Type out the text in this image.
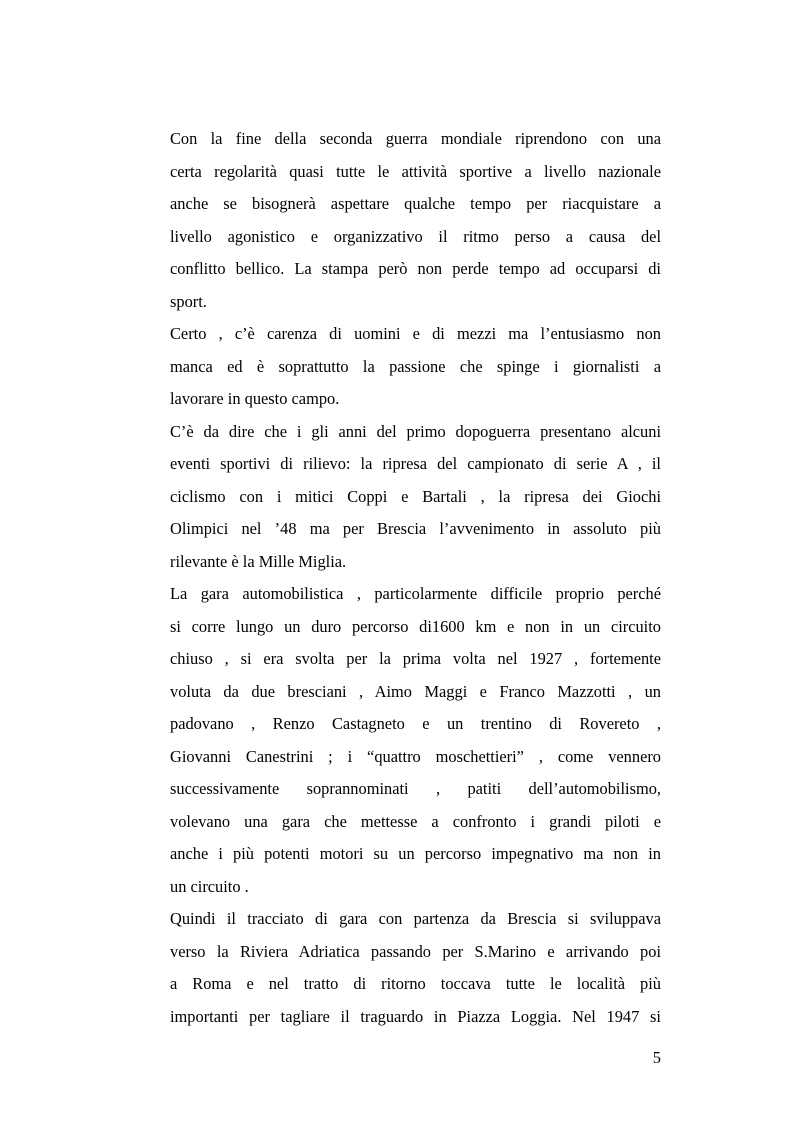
Con la fine della seconda guerra mondiale riprendono con una
certa regolarità quasi tutte le attività sportive a livello nazionale
anche se bisognerà aspettare qualche tempo per riacquistare a
livello agonistico e organizzativo il ritmo perso a causa del
conflitto bellico. La stampa però non perde tempo ad occuparsi di
sport.
Certo , c’è carenza di uomini e di mezzi ma l’entusiasmo non
manca ed è soprattutto la passione che spinge i giornalisti a
lavorare in questo campo.
C’è da dire che i gli anni del primo dopoguerra presentano alcuni
eventi sportivi di rilievo: la ripresa del campionato di serie A , il
ciclismo con i mitici Coppi e Bartali , la ripresa dei Giochi
Olimpici nel ’48 ma per Brescia l’avvenimento in assoluto più
rilevante è la Mille Miglia.
La gara automobilistica , particolarmente difficile proprio perché
si corre lungo un duro percorso di1600 km e non in un circuito
chiuso , si era svolta per la prima volta nel 1927 , fortemente
voluta da due bresciani , Aimo Maggi e Franco Mazzotti , un
padovano , Renzo Castagneto e un trentino di Rovereto ,
Giovanni Canestrini ; i “quattro moschettieri” , come vennero
successivamente soprannominati , patiti dell’automobilismo,
volevano una gara che mettesse a confronto i grandi piloti e
anche i più potenti motori su un percorso impegnativo ma non in
un circuito .
Quindi il tracciato di gara con partenza da Brescia si sviluppava
verso la Riviera Adriatica passando per S.Marino e arrivando poi
a Roma e nel tratto di ritorno toccava tutte le località più
importanti per tagliare il traguardo in Piazza Loggia. Nel 1947 si
5
